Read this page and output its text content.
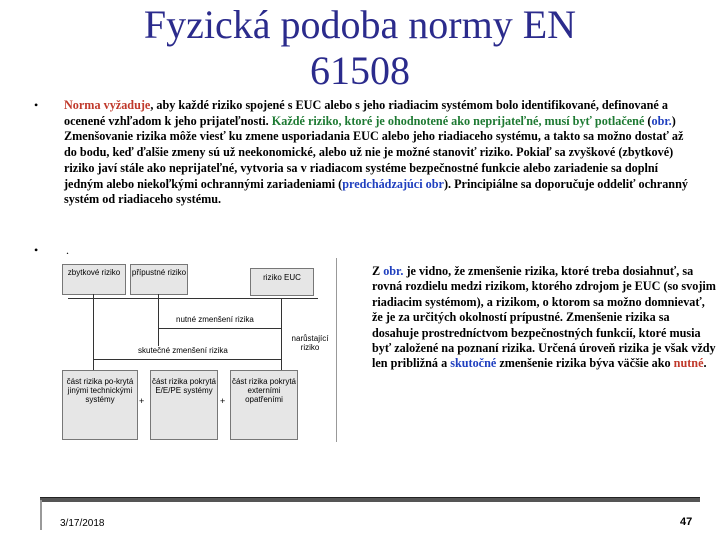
Fyzická podoba normy EN 61508
• Norma vyžaduje, aby každé riziko spojené s EUC alebo s jeho riadiacim systémom bolo identifikované, definované a ocenené vzhľadom k jeho prijateľnosti. Každé riziko, ktoré je ohodnotené ako neprijateľné, musí byť potlačené (obr.) Zmenšovanie rizika môže viesť ku zmene usporiadania EUC alebo jeho riadiaceho systému, a takto sa možno dostať až do bodu, keď ďalšie zmeny sú už neekonomické, alebo už nie je možné stanoviť riziko. Pokiaľ sa zvyškové (zbytkové) riziko javí stále ako neprijateľné, vytvoria sa v riadiacom systéme bezpečnostné funkcie alebo zariadenie sa doplní jedným alebo niekoľkými ochrannými zariadeniami (predchádzajúci obr). Principiálne sa doporučuje oddeliť ochranný systém od riadiaceho systému.
• .
zbytkové riziko	přípustné riziko
riziko EUC
narůstající riziko
nutné zmenšení rizika
skutečné zmenšení rizika
část rizika po-krytá jinými technickými systémy	+
část rizika pokrytá E/E/PE systémy
+
část rizika pokrytá externími opatřeními
Z obr. je vidno, že zmenšenie rizika, ktoré treba dosiahnuť, sa rovná rozdielu medzi rizikom, ktorého zdrojom je EUC (so svojim riadiacim systémom), a rizikom, o ktorom sa možno domnievať, že je za určitých okolností prípustné. Zmenšenie rizika sa dosahuje prostredníctvom bezpečnostných funkcií, ktoré musia byť založené na poznaní rizika. Určená úroveň rizika je však vždy len približná a skutočné zmenšenie rizika býva väčšie ako nutné.
3/17/2018	47
